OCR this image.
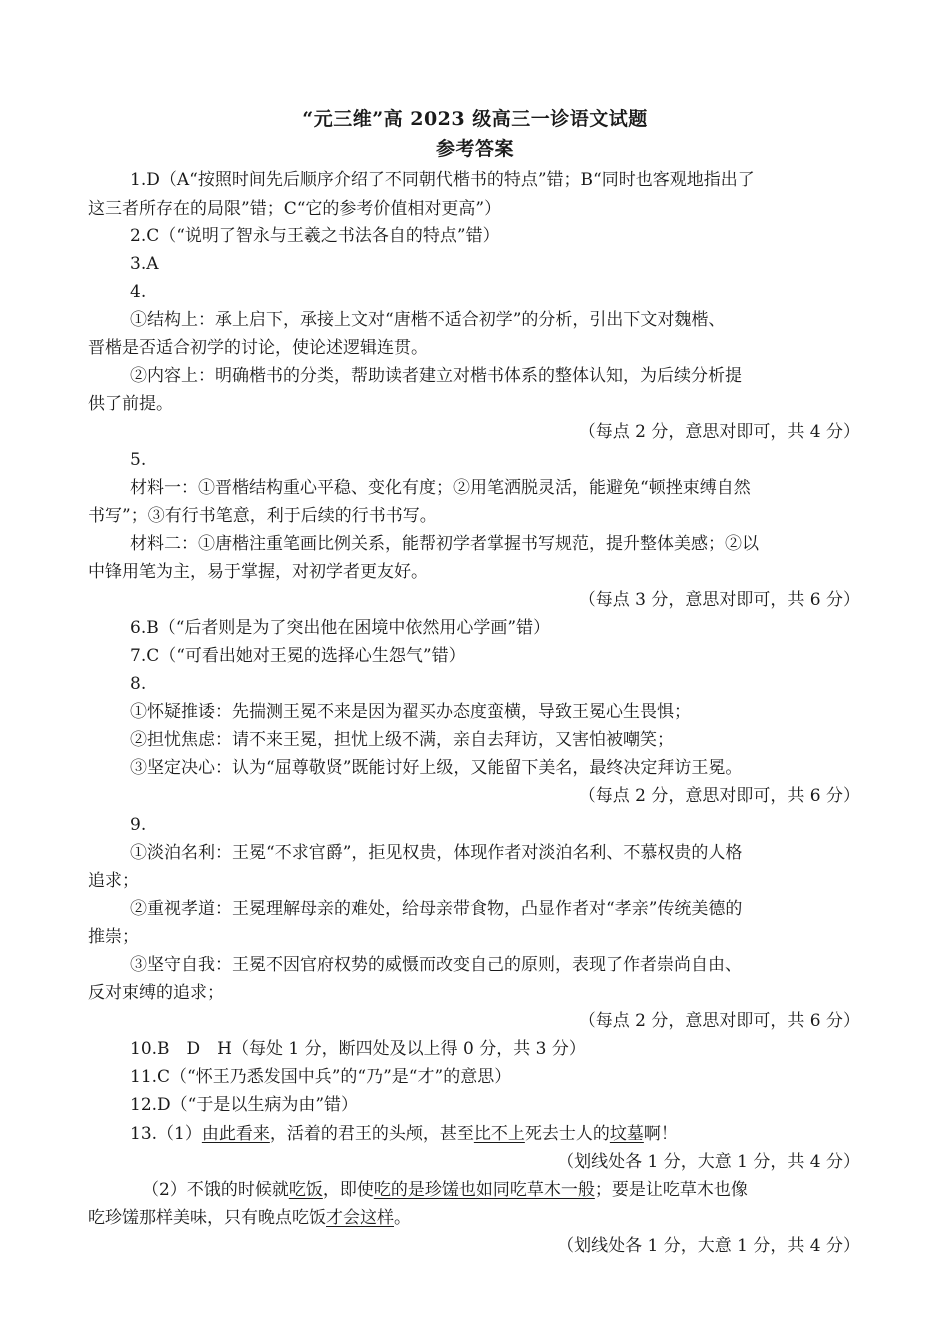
“元三维”高 2023 级高三一诊语文试题
参考答案
1.D（A“按照时间先后顺序介绍了不同朝代楷书的特点”错；B“同时也客观地指出了
这三者所存在的局限”错；C“它的参考价值相对更高”）
2.C（“说明了智永与王羲之书法各自的特点”错）
3.A
4.
①结构上：承上启下，承接上文对“唐楷不适合初学”的分析，引出下文对魏楷、
晋楷是否适合初学的讨论，使论述逻辑连贯。
②内容上：明确楷书的分类，帮助读者建立对楷书体系的整体认知，为后续分析提
供了前提。
（每点 2 分，意思对即可，共 4 分）
5.
材料一：①晋楷结构重心平稳、变化有度；②用笔洒脱灵活，能避免“顿挫束缚自然
书写”；③有行书笔意，利于后续的行书书写。
材料二：①唐楷注重笔画比例关系，能帮初学者掌握书写规范，提升整体美感；②以
中锋用笔为主，易于掌握，对初学者更友好。
（每点 3 分，意思对即可，共 6 分）
6.B（“后者则是为了突出他在困境中依然用心学画”错）
7.C（“可看出她对王冕的选择心生怨气”错）
8.
①怀疑推诿：先揣测王冕不来是因为翟买办态度蛮横，导致王冕心生畏惧；
②担忧焦虑：请不来王冕，担忧上级不满，亲自去拜访，又害怕被嘲笑；
③坚定决心：认为“屈尊敬贤”既能讨好上级，又能留下美名，最终决定拜访王冕。
（每点 2 分，意思对即可，共 6 分）
9.
①淡泊名利：王冕“不求官爵”，拒见权贵，体现作者对淡泊名利、不慕权贵的人格
追求；
②重视孝道：王冕理解母亲的难处，给母亲带食物，凸显作者对“孝亲”传统美德的
推崇；
③坚守自我：王冕不因官府权势的威慑而改变自己的原则，表现了作者崇尚自由、
反对束缚的追求；
（每点 2 分，意思对即可，共 6 分）
10.B　D　H（每处 1 分，断四处及以上得 0 分，共 3 分）
11.C（“怀王乃悉发国中兵”的“乃”是“才”的意思）
12.D（“于是以生病为由”错）
13.（1）由此看来，活着的君王的头颅，甚至比不上死去士人的坟墓啊！
（划线处各 1 分，大意 1 分，共 4 分）
（2）不饿的时候就吃饭，即使吃的是珍馐也如同吃草木一般；要是让吃草木也像
吃珍馐那样美味，只有晚点吃饭才会这样。
（划线处各 1 分，大意 1 分，共 4 分）
